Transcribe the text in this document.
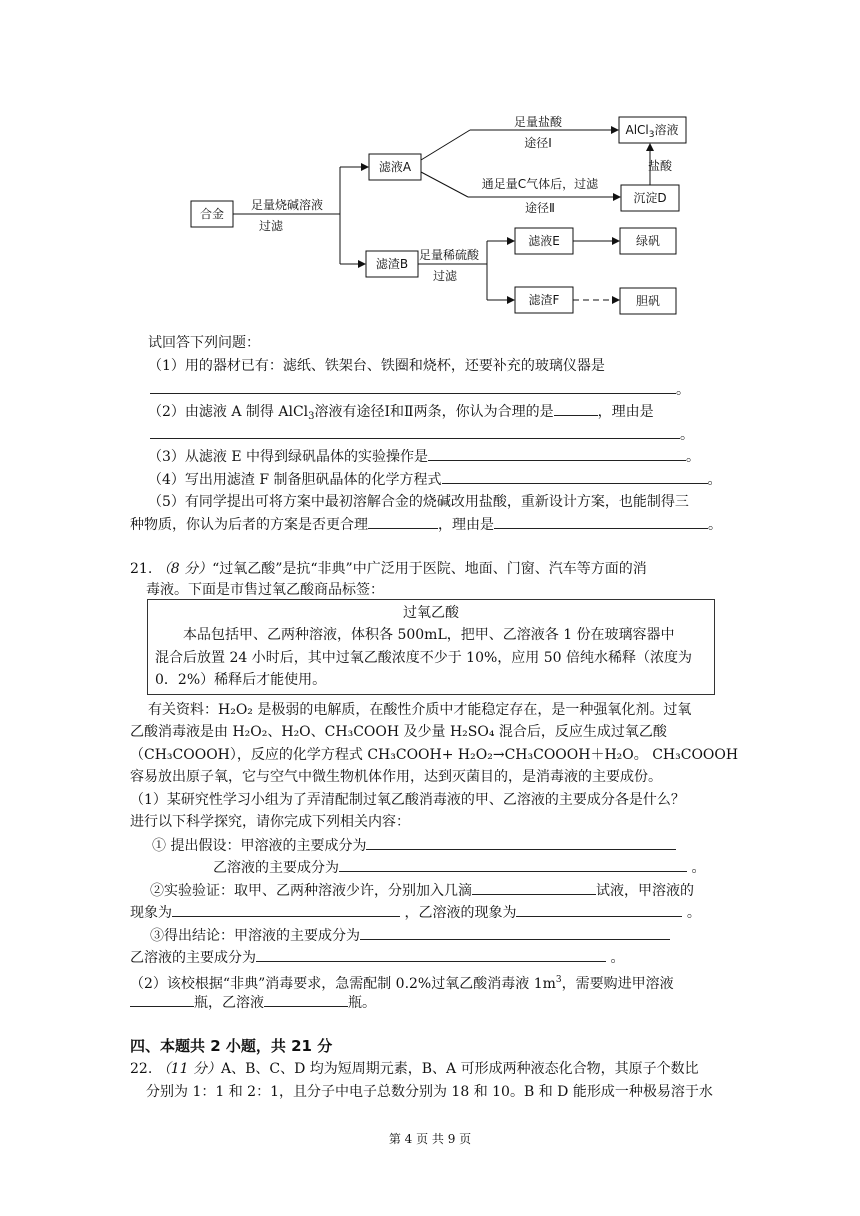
合金
足量烧碱溶液
过滤
滤液A
滤渣B
足量盐酸
途径Ⅰ
AlCl$_3$溶液
通足量C气体后，过滤
途径Ⅱ
沉淀D
盐酸
足量稀硫酸
过滤
滤液E
滤渣F
绿矾
胆矾
试回答下列问题：
（1）用的器材已有：滤纸、铁架台、铁圈和烧杯，还要补充的玻璃仪器是
。
（2）由滤液 A 制得 AlCl$_3$溶液有途径Ⅰ和Ⅱ两条，你认为合理的是	，理由是
。
（3）从滤液 E 中得到绿矾晶体的实验操作是	。
（4）写出用滤渣 F 制备胆矾晶体的化学方程式	。
（5）有同学提出可将方案中最初溶解合金的烧碱改用盐酸，重新设计方案，也能制得三
种物质，你认为后者的方案是否更合理	，理由是	。
21. （8 分）“过氧乙酸”是抗“非典”中广泛用于医院、地面、门窗、汽车等方面的消
毒液。下面是市售过氧乙酸商品标签：
过氧乙酸
本品包括甲、乙两种溶液，体积各 500mL，把甲、乙溶液各 1 份在玻璃容器中
混合后放置 24 小时后，其中过氧乙酸浓度不少于 10%，应用 50 倍纯水稀释（浓度为
0．2%）稀释后才能使用。
有关资料：H₂O₂ 是极弱的电解质，在酸性介质中才能稳定存在，是一种强氧化剂。过氧
乙酸消毒液是由 H₂O₂、H₂O、CH₃COOH 及少量 H₂SO₄ 混合后，反应生成过氧乙酸
（CH₃COOOH），反应的化学方程式 CH₃COOH+ H₂O₂→CH₃COOOH＋H₂O。 CH₃COOOH
容易放出原子氧，它与空气中微生物机体作用，达到灭菌目的，是消毒液的主要成份。
（1）某研究性学习小组为了弄清配制过氧乙酸消毒液的甲、乙溶液的主要成分各是什么？
进行以下科学探究，请你完成下列相关内容：
① 提出假设：甲溶液的主要成分为
乙溶液的主要成分为	。
②实验验证：取甲、乙两种溶液少许，分别加入几滴	试液，甲溶液的
现象为	，乙溶液的现象为	。
③得出结论：甲溶液的主要成分为
乙溶液的主要成分为	。
（2）该校根据“非典”消毒要求，急需配制 0.2%过氧乙酸消毒液 $1m^3$，需要购进甲溶液
瓶，乙溶液	瓶。
四、本题共 2 小题，共 21 分
22. （11 分）A、B、C、D 均为短周期元素，B、A 可形成两种液态化合物，其原子个数比
分别为 1：1 和 2：1，且分子中电子总数分别为 18 和 10。B 和 D 能形成一种极易溶于水
第 4 页 共 9 页
